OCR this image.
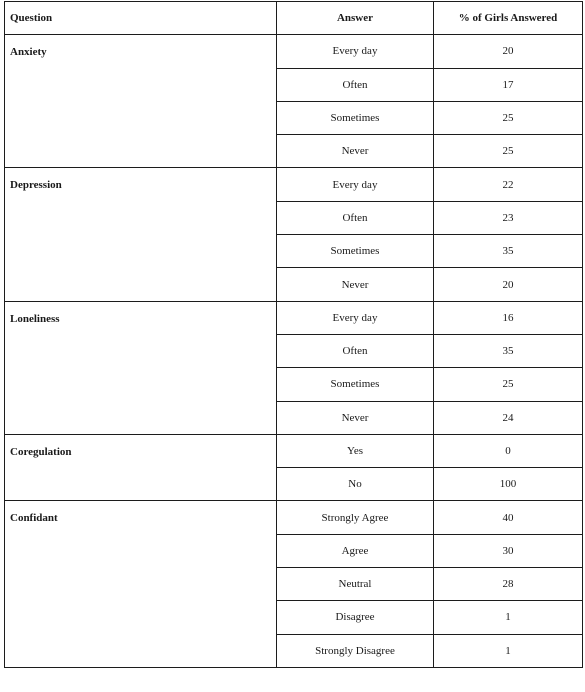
Question	Answer	% of Girls Answered
Anxiety	Every day	20
	Often	17
	Sometimes	25
	Never	25
Depression	Every day	22
	Often	23
	Sometimes	35
	Never	20
Loneliness	Every day	16
	Often	35
	Sometimes	25
	Never	24
Coregulation	Yes	0
	No	100
Confidant	Strongly Agree	40
	Agree	30
	Neutral	28
	Disagree	1
	Strongly Disagree	1
